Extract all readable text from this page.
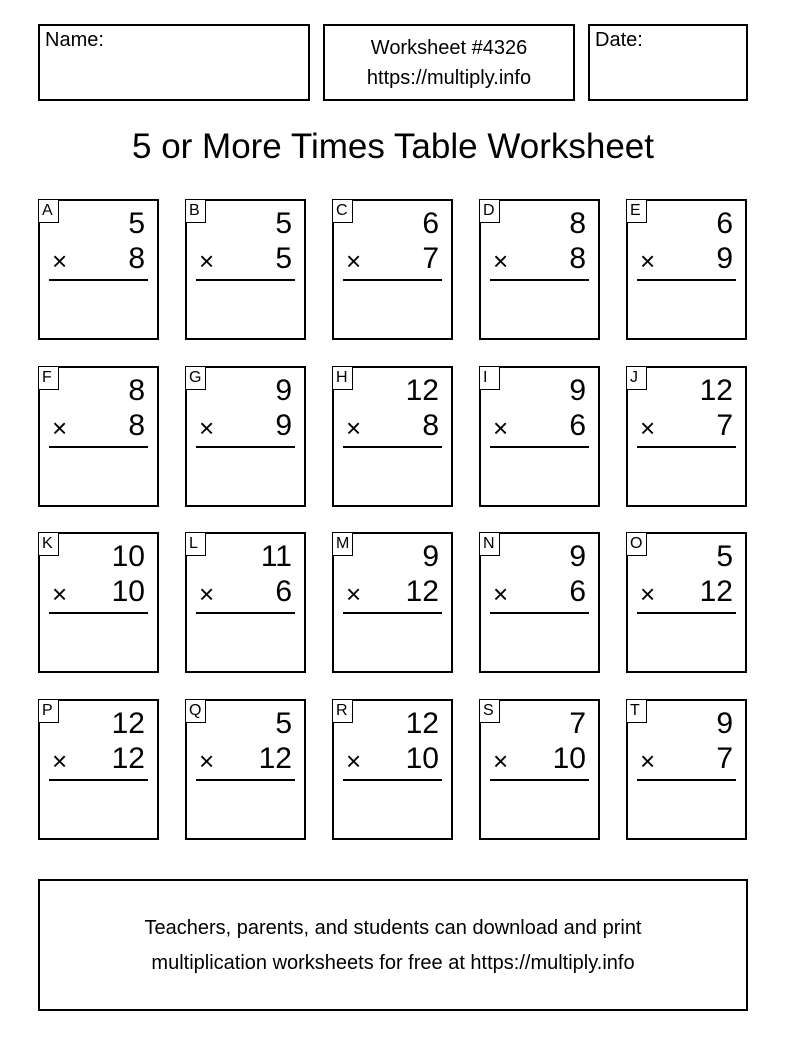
Name:	Worksheet #4326
https://multiply.info
Date:
5 or More Times Table Worksheet
A	5
× 8
B	5
× 5
C 6
× 7
D 8
× 8
E	6
× 9
F	8
× 8
G 9
× 9
H 12
× 8
I	9
× 6
J	12
× 7
K 10
× 10
L 11
× 6
M 9
× 12
N 9
× 6
O 5
× 12
P 12
× 12
Q 5
× 12
R 12
× 10
S	7
× 10
T	9
× 7
Teachers, parents, and students can download and print
multiplication worksheets for free at https://multiply.info
